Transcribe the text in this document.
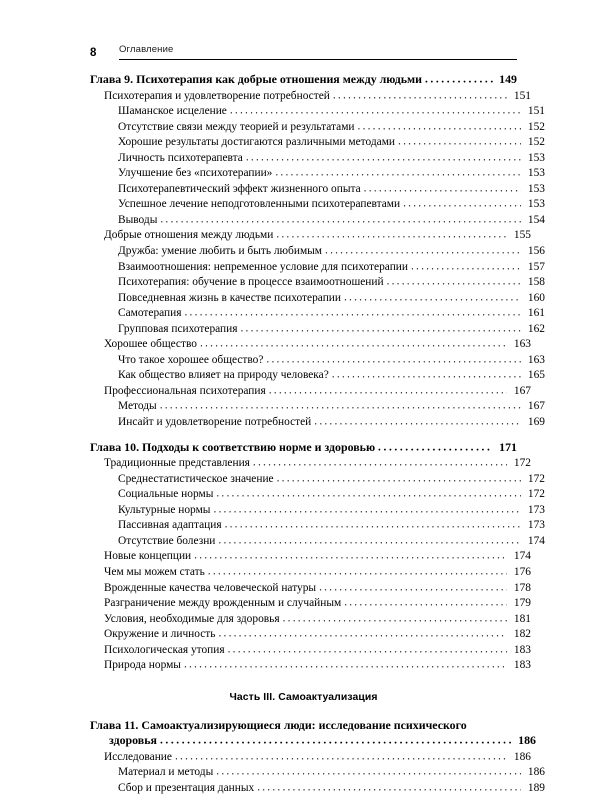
8	Оглавление
Глава 9. Психотерапия как добрые отношения между людьми .....	149
Психотерапия и удовлетворение потребностей .....	151
Шаманское исцеление .....	151
Отсутствие связи между теорией и результатами .....	152
Хорошие результаты достигаются различными методами .....	152
Личность психотерапевта .....	153
Улучшение без «психотерапии» .....	153
Психотерапевтический эффект жизненного опыта .....	153
Успешное лечение неподготовленными психотерапевтами .....	153
Выводы .....	154
Добрые отношения между людьми .....	155
Дружба: умение любить и быть любимым .....	156
Взаимоотношения: непременное условие для психотерапии .....	157
Психотерапия: обучение в процессе взаимоотношений .....	158
Повседневная жизнь в качестве психотерапии .....	160
Самотерапия .....	161
Групповая психотерапия .....	162
Хорошее общество .....	163
Что такое хорошее общество? .....	163
Как общество влияет на природу человека? .....	165
Профессиональная психотерапия .....	167
Методы .....	167
Инсайт и удовлетворение потребностей .....	169
Глава 10. Подходы к соответствию норме и здоровью .....	171
Традиционные представления .....	172
Среднестатистическое значение .....	172
Социальные нормы .....	172
Культурные нормы .....	173
Пассивная адаптация .....	173
Отсутствие болезни .....	174
Новые концепции .....	174
Чем мы можем стать .....	176
Врожденные качества человеческой натуры .....	178
Разграничение между врожденным и случайным .....	179
Условия, необходимые для здоровья .....	181
Окружение и личность .....	182
Психологическая утопия .....	183
Природа нормы .....	183
Часть III. Самоактуализация
Глава 11. Самоактуализирующиеся люди: исследование психического
здоровья .....	186
Исследование .....	186
Материал и методы .....	186
Сбор и презентация данных .....	189
